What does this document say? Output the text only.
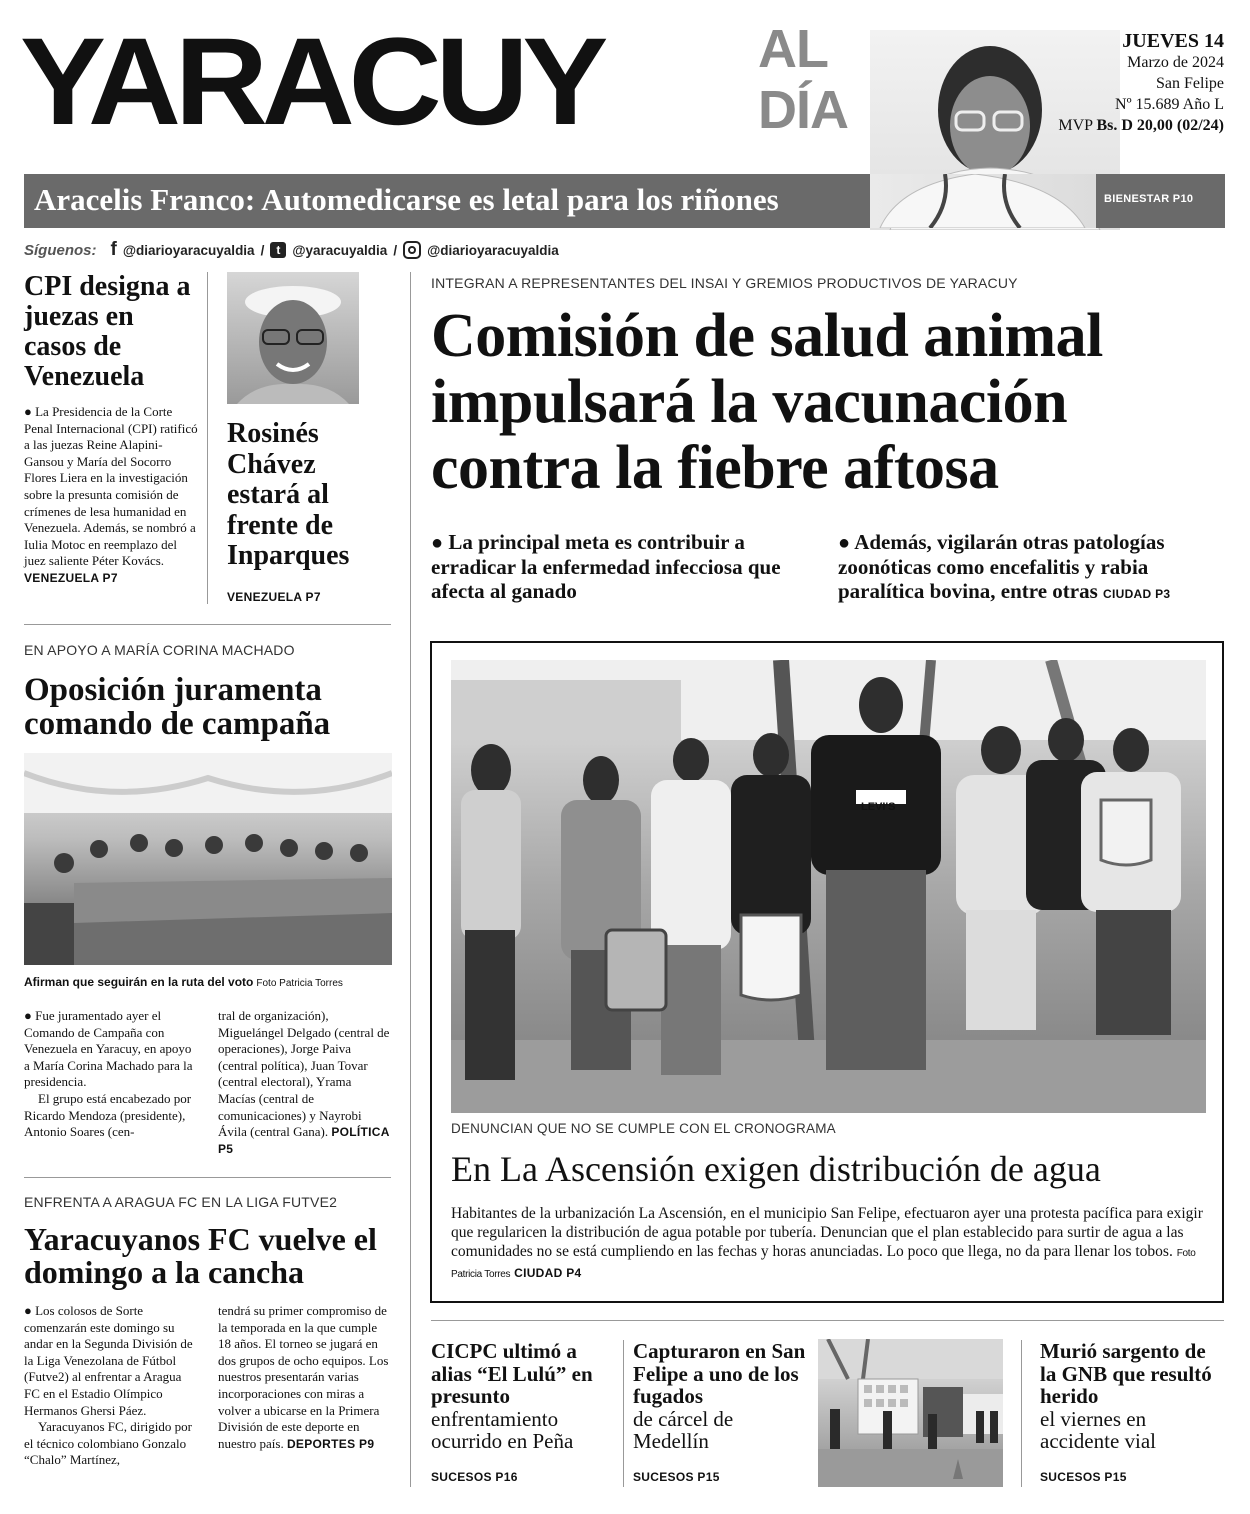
YARACUY	AL
DÍA
JUEVES 14
Marzo de 2024
San Felipe
Nº 15.689 Año L
MVP Bs. D 20,00 (02/24)
Aracelis Franco: Automedicarse es letal para los riñones	BIENESTAR P10
Síguenos: f @diarioyaracuyaldia /	t @yaracuyaldia / @diarioyaracuyaldia
CPI designa a juezas en casos de Venezuela
● La Presidencia de la Corte Penal Internacional (CPI) ratificó a las juezas Reine Alapini-Gansou y María del Socorro Flores Liera en la investigación sobre la presunta comisión de crímenes de lesa humanidad en Venezuela. Además, se nombró a Iulia Motoc en reemplazo del juez saliente Péter Kovács. VENEZUELA P7
Rosinés Chávez estará al frente de Inparques
VENEZUELA P7
EN APOYO A MARÍA CORINA MACHADO
Oposición juramenta comando de campaña
Afirman que seguirán en la ruta del voto Foto Patricia Torres
● Fue juramentado ayer el Comando de Campaña con Venezuela en Yaracuy, en apoyo a María Corina Machado para la presidencia.
El grupo está encabezado por Ricardo Mendoza (presidente), Antonio Soares (cen-
tral de organización), Miguelángel Delgado (central de operaciones), Jorge Paiva (central política), Juan Tovar (central electoral), Yrama Macías (central de comunicaciones) y Nayrobi Ávila (central Gana). POLÍTICA P5
ENFRENTA A ARAGUA FC EN LA LIGA FUTVE2
Yaracuyanos FC vuelve el domingo a la cancha
● Los colosos de Sorte comenzarán este domingo su andar en la Segunda División de la Liga Venezolana de Fútbol (Futve2) al enfrentar a Aragua FC en el Estadio Olímpico Hermanos Ghersi Páez.
Yaracuyanos FC, dirigido por el técnico colombiano Gonzalo “Chalo” Martínez,
tendrá su primer compromiso de la temporada en la que cumple 18 años. El torneo se jugará en dos grupos de ocho equipos. Los nuestros presentarán varias incorporaciones con miras a volver a ubicarse en la Primera División de este deporte en nuestro país. DEPORTES P9
INTEGRAN A REPRESENTANTES DEL INSAI Y GREMIOS PRODUCTIVOS DE YARACUY
Comisión de salud animal impulsará la vacunación contra la fiebre aftosa
● La principal meta es contribuir a erradicar la enfermedad infecciosa que afecta al ganado
● Además, vigilarán otras patologías zoonóticas como encefalitis y rabia paralítica bovina, entre otras CIUDAD P3
LEVI'S
DENUNCIAN QUE NO SE CUMPLE CON EL CRONOGRAMA
En La Ascensión exigen distribución de agua
Habitantes de la urbanización La Ascensión, en el municipio San Felipe, efectuaron ayer una protesta pacífica para exigir que regularicen la distribución de agua potable por tubería. Denuncian que el plan establecido para surtir de agua a las comunidades no se está cumpliendo en las fechas y horas anunciadas. Lo poco que llega, no da para llenar los tobos. Foto Patricia Torres CIUDAD P4
CICPC ultimó a alias “El Lulú” en presunto
enfrentamiento ocurrido en Peña
SUCESOS P16
Capturaron en San Felipe a uno de los fugados
de cárcel de Medellín
SUCESOS P15
Murió sargento de la GNB que resultó herido
el viernes en accidente vial
SUCESOS P15
